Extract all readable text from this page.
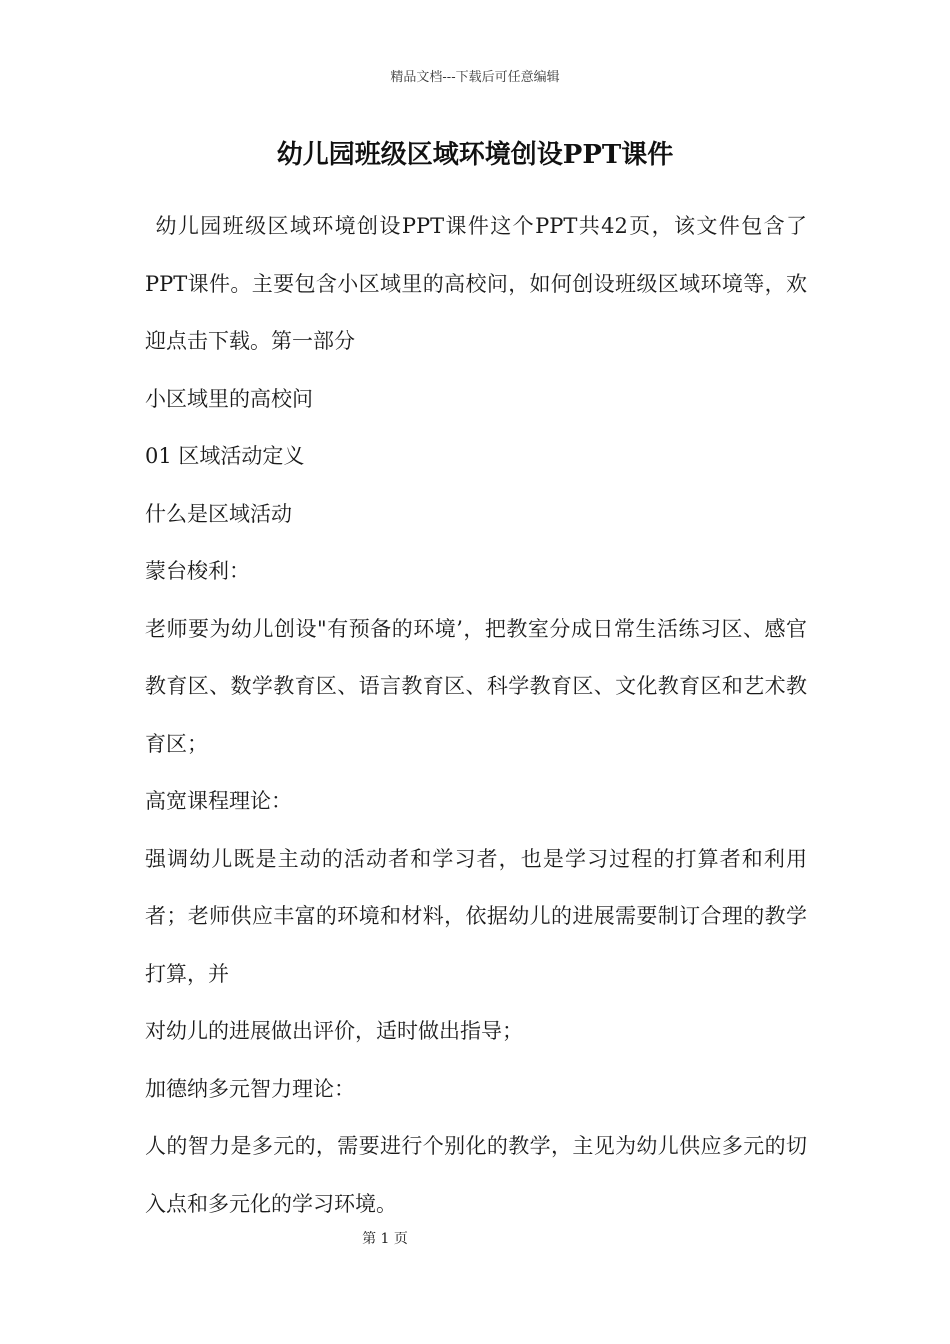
精品文档---下载后可任意编辑
幼儿园班级区域环境创设PPT课件

幼儿园班级区域环境创设PPT课件这个PPT共42页，该文件包含了PPT课件。主要包含小区域里的高校问，如何创设班级区域环境等，欢迎点击下载。第一部分

小区域里的高校问

01 区域活动定义

什么是区域活动

蒙台梭利：

老师要为幼儿创设"有预备的环境’，把教室分成日常生活练习区、感官教育区、数学教育区、语言教育区、科学教育区、文化教育区和艺术教育区；

高宽课程理论：

强调幼儿既是主动的活动者和学习者，也是学习过程的打算者和利用者；老师供应丰富的环境和材料，依据幼儿的进展需要制订合理的教学打算，并

对幼儿的进展做出评价，适时做出指导；

加德纳多元智力理论：

人的智力是多元的，需要进行个别化的教学，主见为幼儿供应多元的切入点和多元化的学习环境。

第 1 页
